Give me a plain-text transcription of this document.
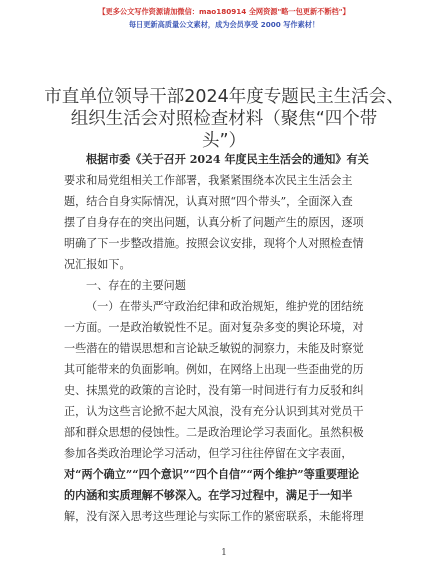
【更多公文写作资源请加微信：mao180914 全网资源"略一包更新不断档"】
每日更新高质量公文素材，成为会员享受 2000 写作素材！
市直单位领导干部2024年度专题民主生活会、
组织生活会对照检查材料（聚焦“四个带
头”）

根据市委《关于召开 2024 年度民主生活会的通知》有关
要求和局党组相关工作部署，我紧紧围绕本次民主生活会主
题，结合自身实际情况，认真对照“四个带头”，全面深入查
摆了自身存在的突出问题，认真分析了问题产生的原因，逐项
明确了下一步整改措施。按照会议安排，现将个人对照检查情
况汇报如下。

一、存在的主要问题

（一）在带头严守政治纪律和政治规矩，维护党的团结统
一方面。一是政治敏锐性不足。面对复杂多变的舆论环境，对
一些潜在的错误思想和言论缺乏敏锐的洞察力，未能及时察觉
其可能带来的负面影响。例如，在网络上出现一些歪曲党的历
史、抹黑党的政策的言论时，没有第一时间进行有力反驳和纠
正，认为这些言论掀不起大风浪，没有充分认识到其对党员干
部和群众思想的侵蚀性。二是政治理论学习表面化。虽然积极
参加各类政治理论学习活动，但学习往往停留在文字表面，
对“两个确立”“四个意识”“四个自信”“两个维护”等重要理论
的内涵和实质理解不够深入。在学习过程中，满足于一知半
解，没有深入思考这些理论与实际工作的紧密联系，未能将理

1
